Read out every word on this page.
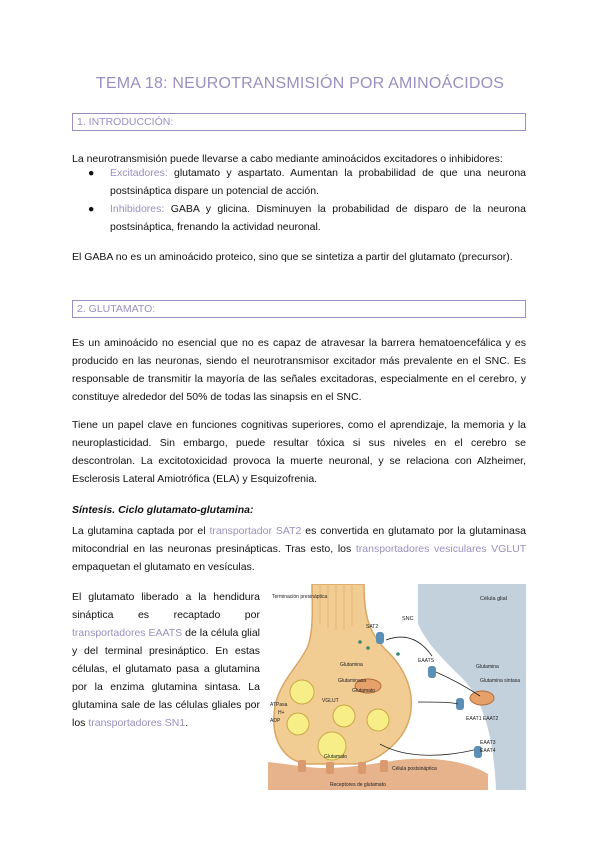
TEMA 18: NEUROTRANSMISIÓN POR AMINOÁCIDOS
1. INTRODUCCIÓN:
La neurotransmisión puede llevarse a cabo mediante aminoácidos excitadores o inhibidores:
● Excitadores: glutamato y aspartato. Aumentan la probabilidad de que una neurona postsináptica dispare un potencial de acción.
● Inhibidores: GABA y glicina. Disminuyen la probabilidad de disparo de la neurona postsináptica, frenando la actividad neuronal.
El GABA no es un aminoácido proteico, sino que se sintetiza a partir del glutamato (precursor).
2. GLUTAMATO:
Es un aminoácido no esencial que no es capaz de atravesar la barrera hematoencefálica y es producido en las neuronas, siendo el neurotransmisor excitador más prevalente en el SNC. Es responsable de transmitir la mayoría de las señales excitadoras, especialmente en el cerebro, y constituye alrededor del 50% de todas las sinapsis en el SNC.
Tiene un papel clave en funciones cognitivas superiores, como el aprendizaje, la memoria y la neuroplasticidad. Sin embargo, puede resultar tóxica si sus niveles en el cerebro se descontrolan. La excitotoxicidad provoca la muerte neuronal, y se relaciona con Alzheimer, Esclerosis Lateral Amiotrófica (ELA) y Esquizofrenia.
Síntesis. Ciclo glutamato-glutamina:
La glutamina captada por el transportador SAT2 es convertida en glutamato por la glutaminasa mitocondrial en las neuronas presinápticas. Tras esto, los transportadores vesiculares VGLUT empaquetan el glutamato en vesículas.
El glutamato liberado a la hendidura sináptica es recaptado por transportadores EAATS de la célula glial y del terminal presináptico. En estas células, el glutamato pasa a glutamina por la enzima glutamina sintasa. La glutamina sale de las células gliales por los transportadores SN1.
Terminación presináptica	Célula glial
SNC
SAT2
EAATS
Glutamina	Glutamina
Glutamina sintasa
Glutaminasa
Glutamato
VGLUT
ATPasa
H+
ADP
Glutamato
EAAT1 EAAT2
EAAT3
EAAT4
Célula postsináptica
Receptores de glutamato
